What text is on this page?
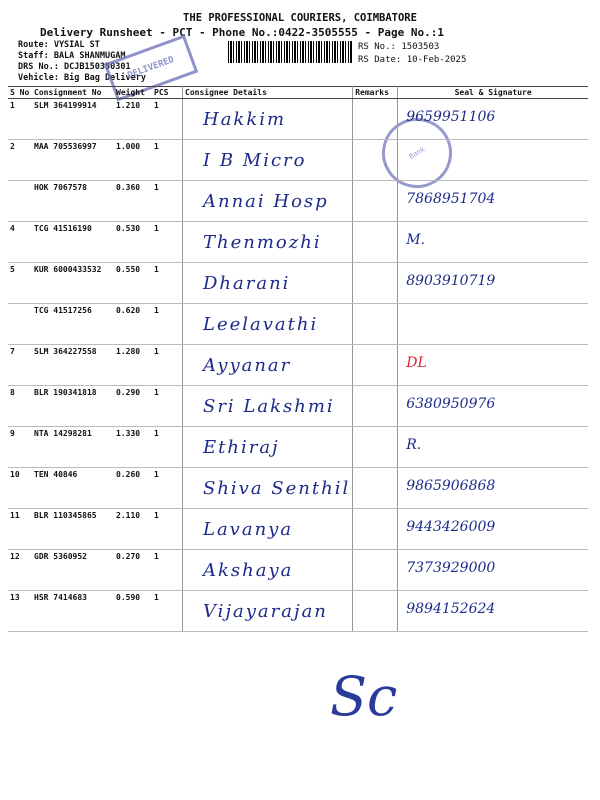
THE PROFESSIONAL COURIERS, COIMBATORE
Delivery Runsheet - PCT - Phone No.:0422-3505555 - Page No.:1
Route: VYSIAL ST
Staff: BALA SHANMUGAM
DRS No.: DCJB150350301
Vehicle: Big Bag Delivery
RS No.: 1503503
RS Date: 10-Feb-2025
DELIVERED
Bank
S No	Consignment No	Weight	PCS	Consignee Details	Remarks	Seal & Signature
1	SLM 364199914	1.210	1	Hakkim		9659951106
2	MAA 705536997	1.000	1	I B Micro		
	HOK 7067578	0.360	1	Annai Hosp		7868951704
4	TCG 41516190	0.530	1	Thenmozhi		M.
5	KUR 6000433532	0.550	1	Dharani		8903910719
	TCG 41517256	0.620	1	Leelavathi		
7	SLM 364227558	1.280	1	Ayyanar		DL
8	BLR 190341818	0.290	1	Sri Lakshmi		6380950976
9	NTA 14298281	1.330	1	Ethiraj		R.
10	TEN 40846	0.260	1	Shiva Senthil		9865906868
11	BLR 110345865	2.110	1	Lavanya		9443426009
12	GDR 5360952	0.270	1	Akshaya		7373929000
13	HSR 7414683	0.590	1	Vijayarajan		9894152624
Sc
